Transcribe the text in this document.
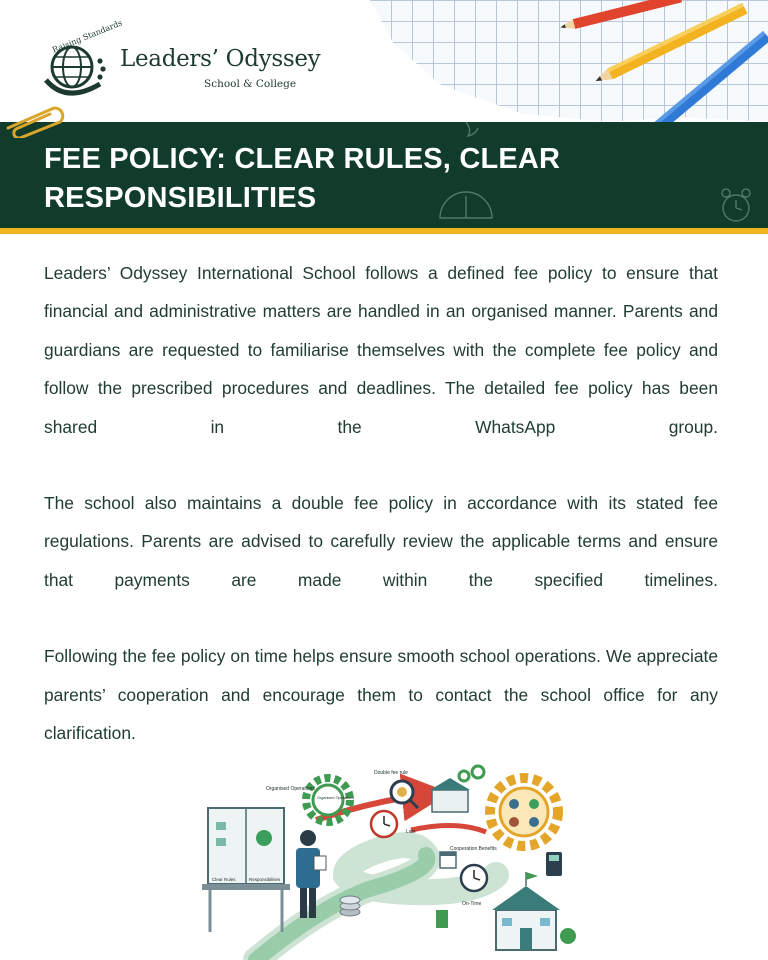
Raising Standards
Leaders’ Odyssey
School & College
FEE POLICY: CLEAR RULES, CLEAR RESPONSIBILITIES

Leaders’ Odyssey International School follows a defined fee policy to ensure that financial and administrative matters are handled in an organised manner. Parents and guardians are requested to familiarise themselves with the complete fee policy and follow the prescribed procedures and deadlines. The detailed fee policy has been shared in the WhatsApp group.

The school also maintains a double fee policy in accordance with its stated fee regulations. Parents are advised to carefully review the applicable terms and ensure that payments are made within the specified timelines.

Following the fee policy on time helps ensure smooth school operations. We appreciate parents’ cooperation and encourage them to contact the school office for any clarification.

Clear Rules	Responsibilities
Organised Operations
Organised Operations
Double fee rule
Late
Cooperation Benefits
On-Time
